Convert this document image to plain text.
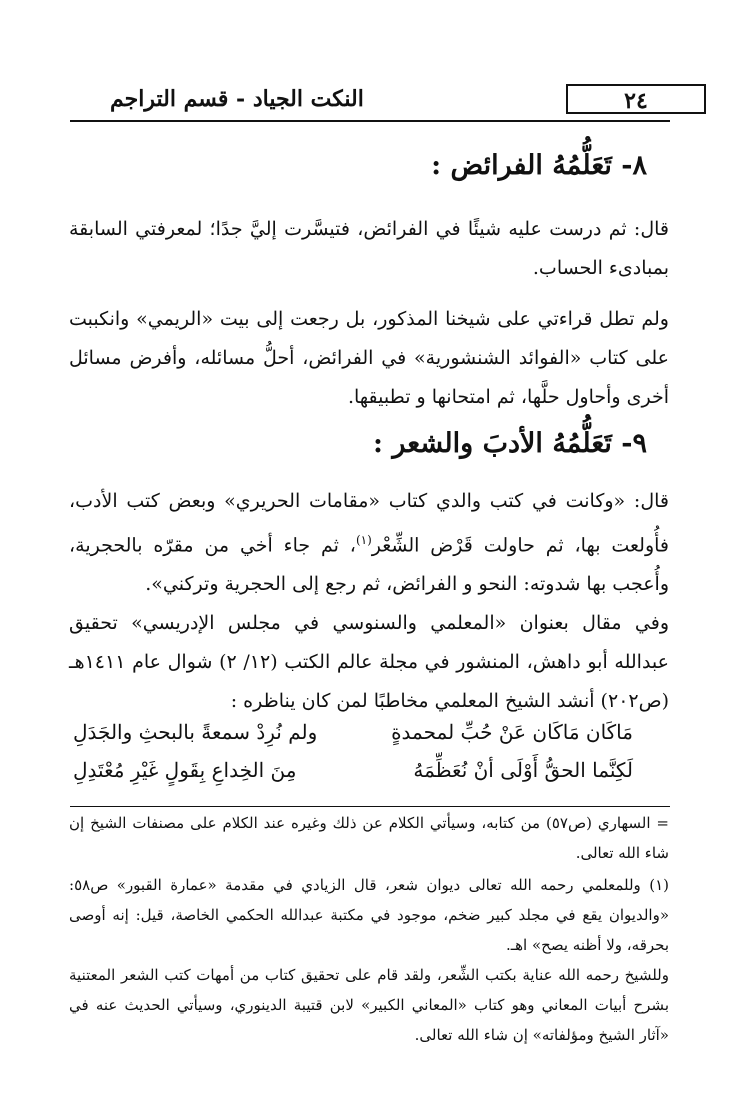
٢٤
النكت الجياد - قسم التراجم
٨- تَعَلُّمُهُ الفرائض :

قال: ثم درست عليه شيئًا في الفرائض، فتيسَّرت إليَّ جدًا؛ لمعرفتي السابقة بمبادىء الحساب.

ولم تطل قراءتي على شيخنا المذكور، بل رجعت إلى بيت «الريمي» وانكببت على كتاب «الفوائد الشنشورية» في الفرائض، أحلُّ مسائله، وأفرض مسائل أخرى وأحاول حلَّها، ثم امتحانها و تطبيقها.

٩- تَعَلُّمُهُ الأدبَ والشعر :

قال: «وكانت في كتب والدي كتاب «مقامات الحريري» وبعض كتب الأدب، فأُولعت بها، ثم حاولت قَرْض الشِّعْر$^{(١)}$، ثم جاء أخي من مقرّه بالحجرية، وأُعجب بها شدوته: النحو و الفرائض، ثم رجع إلى الحجرية وتركني».

وفي مقال بعنوان «المعلمي والسنوسي في مجلس الإدريسي» تحقيق عبدالله أبو داهش، المنشور في مجلة عالم الكتب (١٢/ ٢) شوال عام ١٤١١هـ (ص٢٠٢) أنشد الشيخ المعلمي مخاطبًا لمن كان يناظره :

مَاكَان مَاكَان عَنْ حُبِّ لمحمدةٍ
ولم نُرِدْ سمعةً بالبحثِ والجَدَلِ
لَكِنَّما الحقُّ أَوْلَى أنْ نُعَظِّمَهُ
مِنَ الخِداعِ بِقَولٍ غَيْرِ مُعْتَدِلِ

= السهاري (ص٥٧) من كتابه، وسيأتي الكلام عن ذلك وغيره عند الكلام على مصنفات الشيخ إن شاء الله تعالى.

(١) وللمعلمي رحمه الله تعالى ديوان شعر، قال الزيادي في مقدمة «عمارة القبور» ص٥٨: «والديوان يقع في مجلد كبير ضخم، موجود في مكتبة عبدالله الحكمي الخاصة، قيل: إنه أوصى بحرقه، ولا أظنه يصح» اهـ.

وللشيخ رحمه الله عناية بكتب الشِّعر، ولقد قام على تحقيق كتاب من أمهات كتب الشعر المعتنية بشرح أبيات المعاني وهو كتاب «المعاني الكبير» لابن قتيبة الدينوري، وسيأتي الحديث عنه في «آثار الشيخ ومؤلفاته» إن شاء الله تعالى.
